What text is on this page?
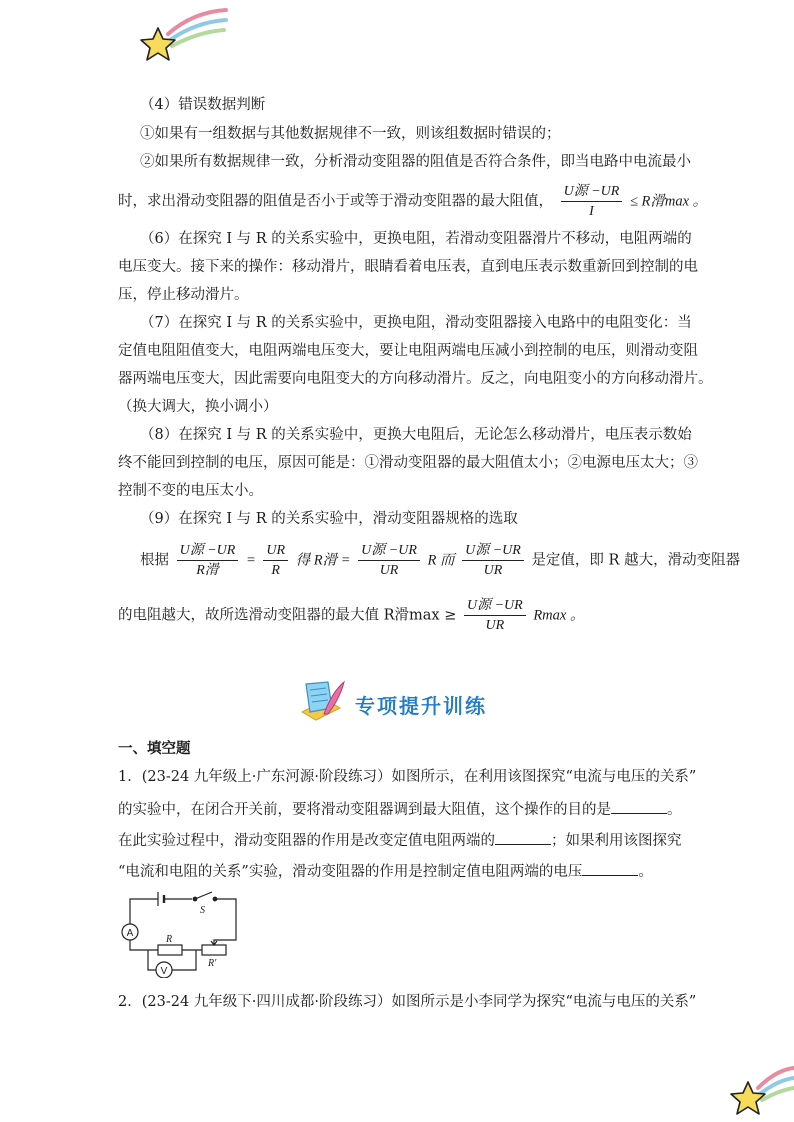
（4）错误数据判断
①如果有一组数据与其他数据规律不一致，则该组数据时错误的；
②如果所有数据规律一致，分析滑动变阻器的阻值是否符合条件，即当电路中电流最小
时，求出滑动变阻器的阻值是否小于或等于滑动变阻器的最大阻值， $\frac{\text{U源 −UR}}{I} \le R$滑max 。
（6）在探究 I 与 R 的关系实验中，更换电阻，若滑动变阻器滑片不移动，电阻两端的
电压变大。接下来的操作：移动滑片，眼睛看着电压表，直到电压表示数重新回到控制的电
压，停止移动滑片。
（7）在探究 I 与 R 的关系实验中，更换电阻，滑动变阻器接入电路中的电阻变化：当
定值电阻阻值变大，电阻两端电压变大，要让电阻两端电压减小到控制的电压，则滑动变阻
器两端电压变大，因此需要向电阻变大的方向移动滑片。反之，向电阻变小的方向移动滑片。
（换大调大，换小调小）
（8）在探究 I 与 R 的关系实验中，更换大电阻后，无论怎么移动滑片，电压表示数始
终不能回到控制的电压，原因可能是：①滑动变阻器的最大阻值太小；②电源电压太大；③
控制不变的电压太小。
（9）在探究 I 与 R 的关系实验中，滑动变阻器规格的选取
根据 $\frac{\text{U源 −UR}}{\text{R滑}} = \frac{UR}{R}$ 得 R滑 = $\frac{\text{U源 −UR}}{UR}$ R 而 $\frac{\text{U源 −UR}}{UR}$ 是定值，即 R 越大，滑动变阻器
的电阻越大，故所选滑动变阻器的最大值 R滑$\max \ge \frac{\text{U源 −UR}}{UR}$ Rmax 。
专项提升训练
一、填空题
1．(23-24 九年级上·广东河源·阶段练习）如图所示，在利用该图探究“电流与电压的关系”
的实验中，在闭合开关前，要将滑动变阻器调到最大阻值，这个操作的目的是	。
在此实验过程中，滑动变阻器的作用是改变定值电阻两端的	；如果利用该图探究
“电流和电阻的关系”实验，滑动变阻器的作用是控制定值电阻两端的电压	。
A
V
S
R
R′
2．(23-24 九年级下·四川成都·阶段练习）如图所示是小李同学为探究“电流与电压的关系”
